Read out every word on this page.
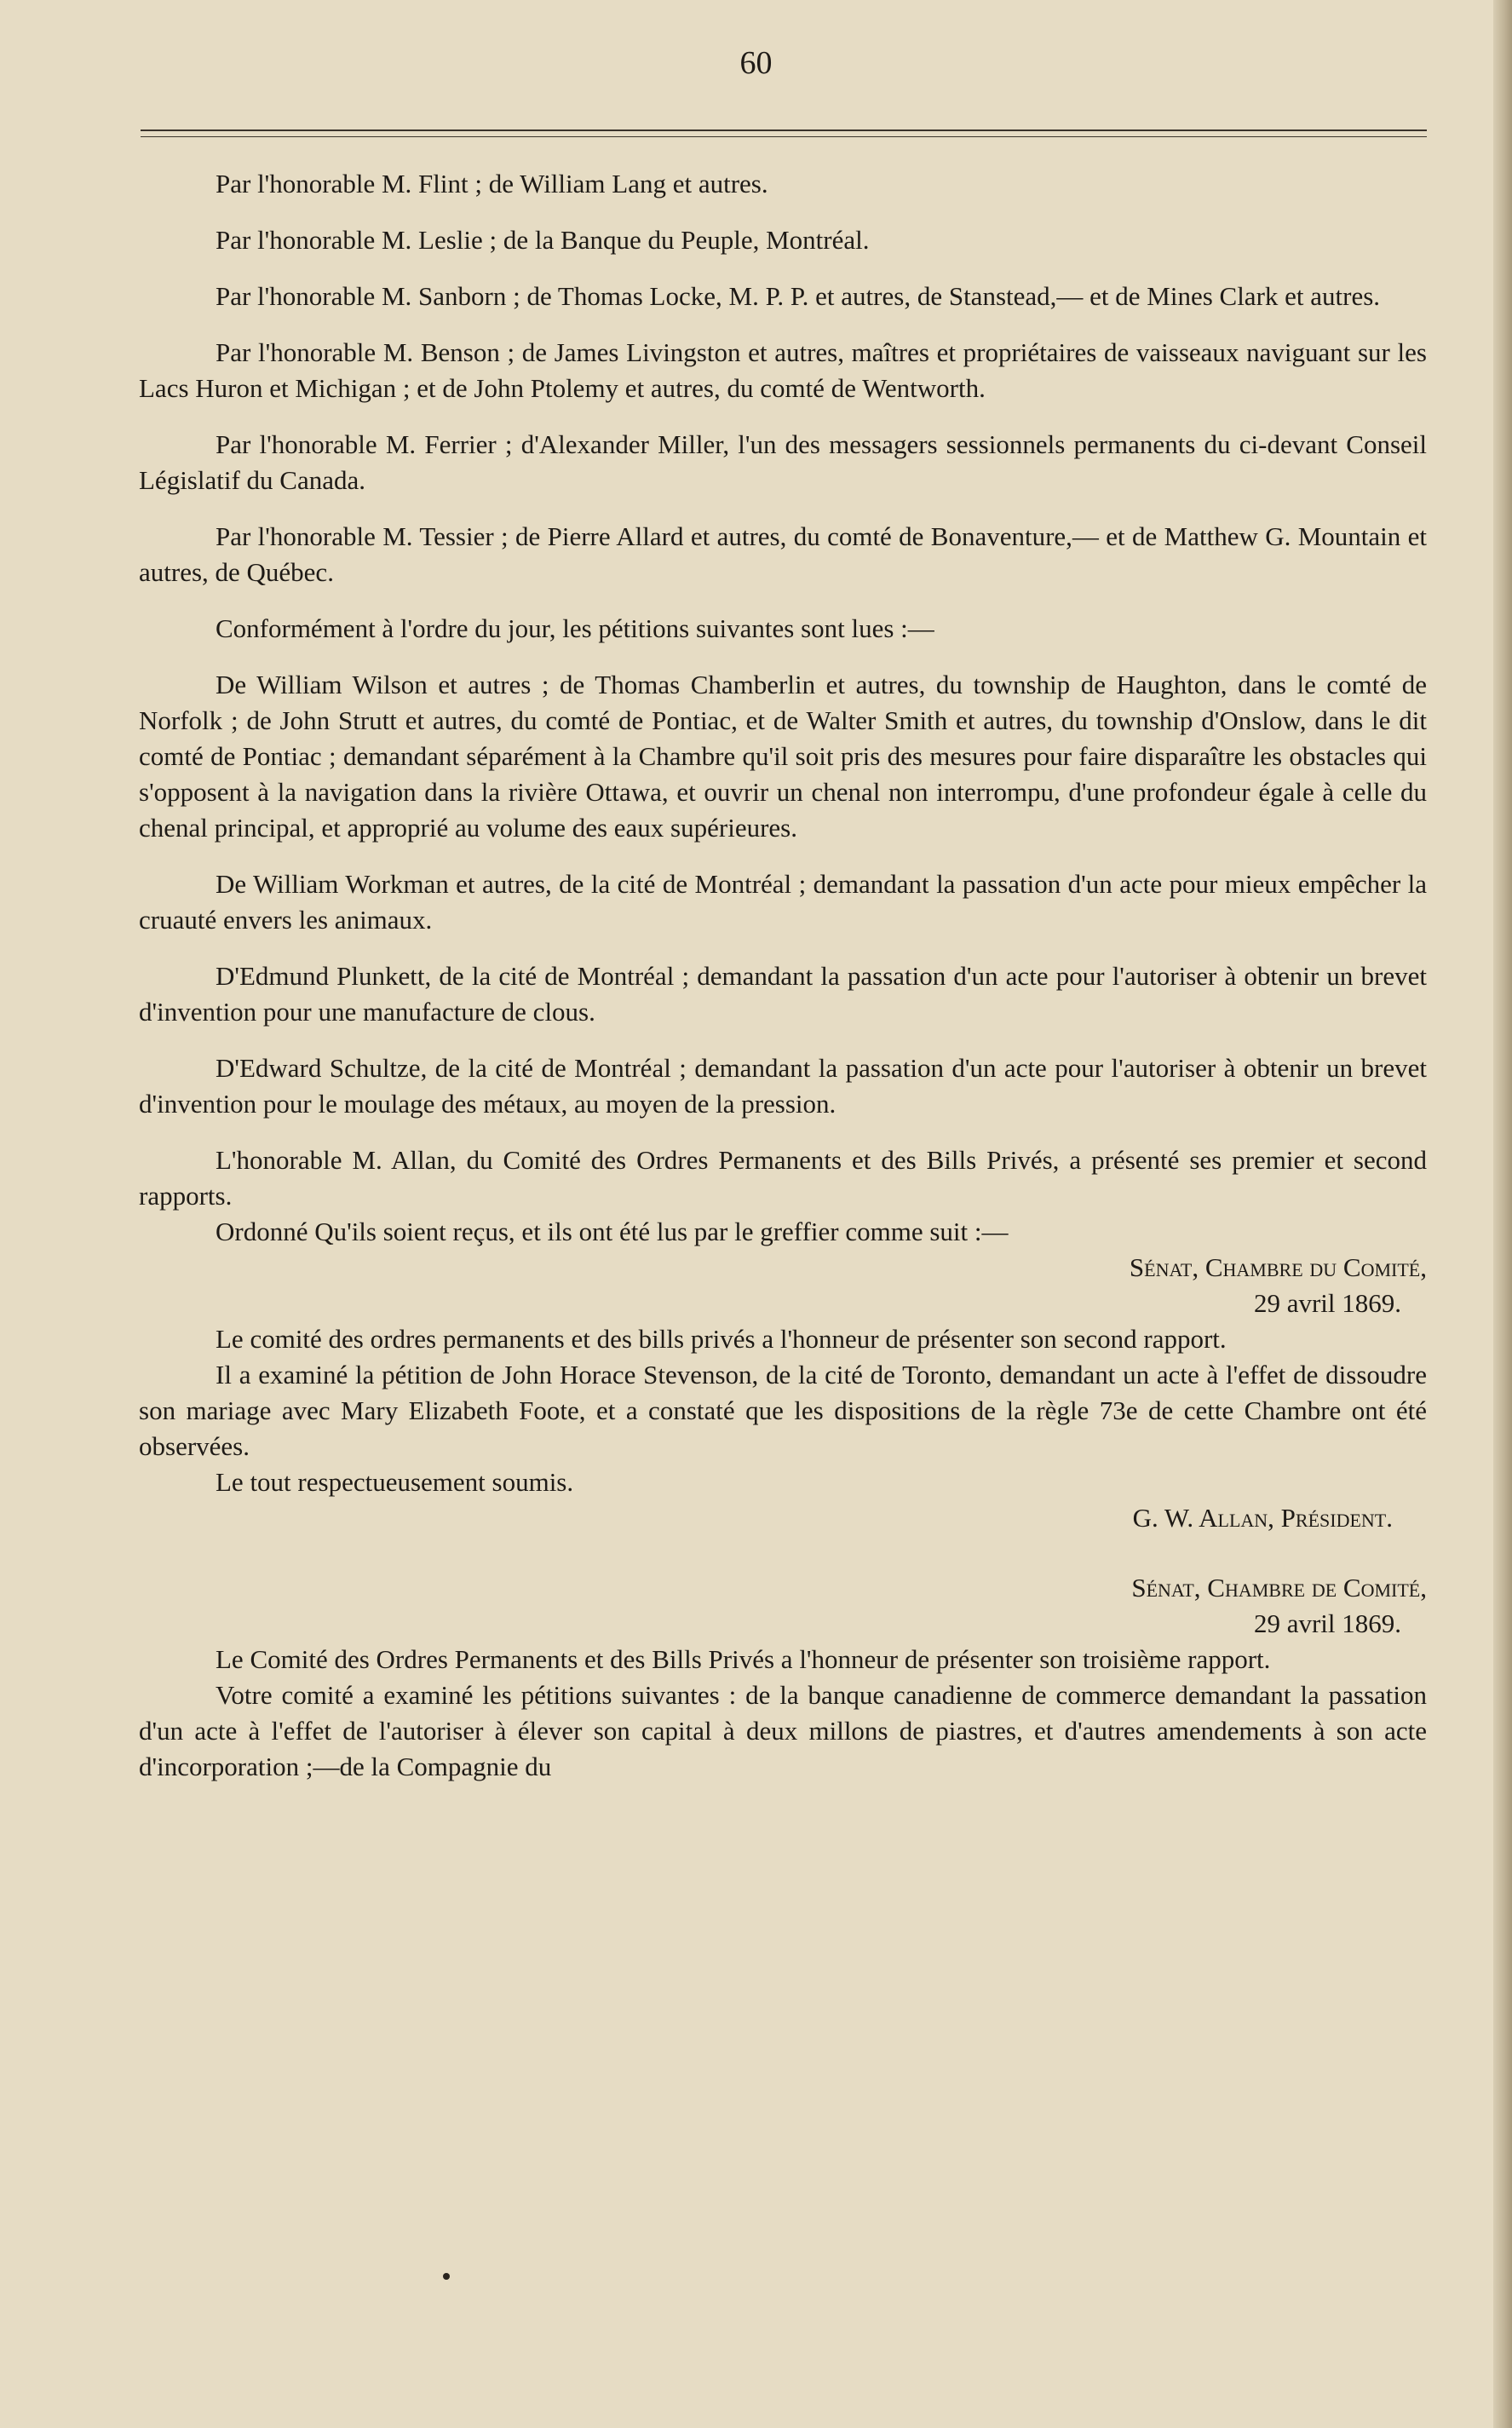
60

Par l'honorable M. Flint ; de William Lang et autres.

Par l'honorable M. Leslie ; de la Banque du Peuple, Montréal.

Par l'honorable M. Sanborn ; de Thomas Locke, M. P. P. et autres, de Stanstead,— et de Mines Clark et autres.

Par l'honorable M. Benson ; de James Livingston et autres, maîtres et propriétaires de vaisseaux naviguant sur les Lacs Huron et Michigan ; et de John Ptolemy et autres, du comté de Wentworth.

Par l'honorable M. Ferrier ; d'Alexander Miller, l'un des messagers sessionnels permanents du ci-devant Conseil Législatif du Canada.

Par l'honorable M. Tessier ; de Pierre Allard et autres, du comté de Bonaventure,— et de Matthew G. Mountain et autres, de Québec.

Conformément à l'ordre du jour, les pétitions suivantes sont lues :—

De William Wilson et autres ; de Thomas Chamberlin et autres, du township de Haughton, dans le comté de Norfolk ; de John Strutt et autres, du comté de Pontiac, et de Walter Smith et autres, du township d'Onslow, dans le dit comté de Pontiac ; demandant séparément à la Chambre qu'il soit pris des mesures pour faire disparaître les obstacles qui s'opposent à la navigation dans la rivière Ottawa, et ouvrir un chenal non interrompu, d'une profondeur égale à celle du chenal principal, et approprié au volume des eaux supérieures.

De William Workman et autres, de la cité de Montréal ; demandant la passation d'un acte pour mieux empêcher la cruauté envers les animaux.

D'Edmund Plunkett, de la cité de Montréal ; demandant la passation d'un acte pour l'autoriser à obtenir un brevet d'invention pour une manufacture de clous.

D'Edward Schultze, de la cité de Montréal ; demandant la passation d'un acte pour l'autoriser à obtenir un brevet d'invention pour le moulage des métaux, au moyen de la pression.

L'honorable M. Allan, du Comité des Ordres Permanents et des Bills Privés, a présenté ses premier et second rapports.

Ordonné Qu'ils soient reçus, et ils ont été lus par le greffier comme suit :—

Sénat, Chambre du Comité,

29 avril 1869.

Le comité des ordres permanents et des bills privés a l'honneur de présenter son second rapport.

Il a examiné la pétition de John Horace Stevenson, de la cité de Toronto, demandant un acte à l'effet de dissoudre son mariage avec Mary Elizabeth Foote, et a constaté que les dispositions de la règle 73e de cette Chambre ont été observées.

Le tout respectueusement soumis.

G. W. Allan, Président.

Sénat, Chambre de Comité,

29 avril 1869.

Le Comité des Ordres Permanents et des Bills Privés a l'honneur de présenter son troisième rapport.

Votre comité a examiné les pétitions suivantes : de la banque canadienne de commerce demandant la passation d'un acte à l'effet de l'autoriser à élever son capital à deux millons de piastres, et d'autres amendements à son acte d'incorporation ;—de la Compagnie du
